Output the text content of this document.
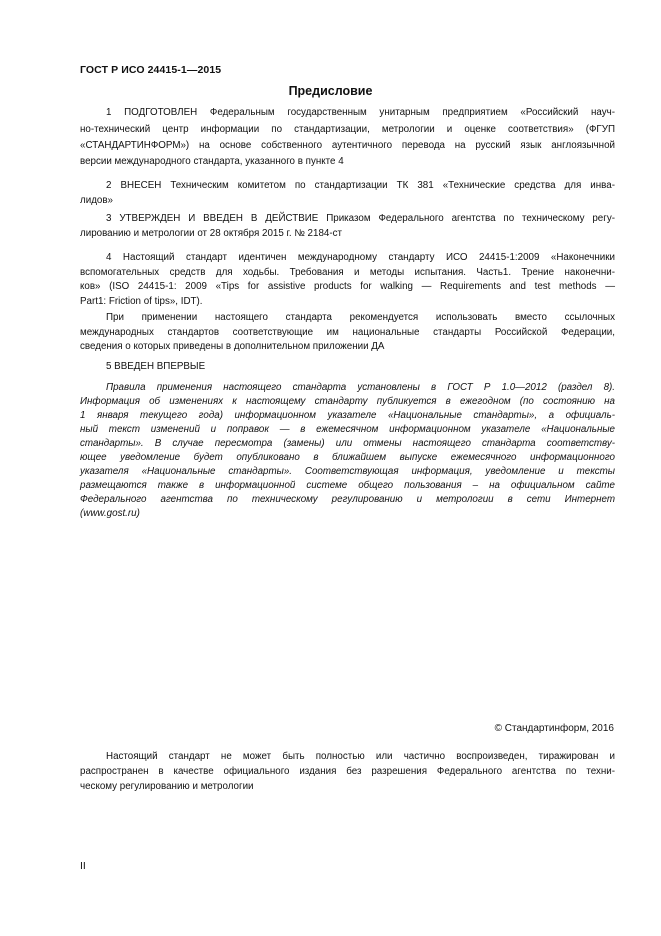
ГОСТ Р ИСО 24415-1—2015
Предисловие
1 ПОДГОТОВЛЕН Федеральным государственным унитарным предприятием «Российский науч-
но-технический центр информации по стандартизации, метрологии и оценке соответствия» (ФГУП
«СТАНДАРТИНФОРМ») на основе собственного аутентичного перевода на русский язык англоязычной
версии международного стандарта, указанного в пункте 4
2 ВНЕСЕН Техническим комитетом по стандартизации ТК 381 «Технические средства для инва-
лидов»
3 УТВЕРЖДЕН И ВВЕДЕН В ДЕЙСТВИЕ Приказом Федерального агентства по техническому регу-
лированию и метрологии от 28 октября 2015 г. № 2184-ст
4 Настоящий стандарт идентичен международному стандарту ИСО 24415-1:2009 «Наконечники
вспомогательных средств для ходьбы. Требования и методы испытания. Часть1. Трение наконечни-
ков» (ISO 24415-1: 2009 «Tips for assistive products for walking — Requirements and test methods —
Part1: Friction of tips», IDT).
При применении настоящего стандарта рекомендуется использовать вместо ссылочных
международных стандартов соответствующие им национальные стандарты Российской Федерации,
сведения о которых приведены в дополнительном приложении ДА
5 ВВЕДЕН ВПЕРВЫЕ
Правила применения настоящего стандарта установлены в ГОСТ Р 1.0—2012 (раздел 8).
Информация об изменениях к настоящему стандарту публикуется в ежегодном (по состоянию на
1 января текущего года) информационном указателе «Национальные стандарты», а официаль-
ный текст изменений и поправок — в ежемесячном информационном указателе «Национальные
стандарты». В случае пересмотра (замены) или отмены настоящего стандарта соответству-
ющее уведомление будет опубликовано в ближайшем выпуске ежемесячного информационного
указателя «Национальные стандарты». Соответствующая информация, уведомление и тексты
размещаются также в информационной системе общего пользования – на официальном сайте
Федерального агентства по техническому регулированию и метрологии в сети Интернет
(www.gost.ru)
© Стандартинформ, 2016
Настоящий стандарт не может быть полностью или частично воспроизведен, тиражирован и
распространен в качестве официального издания без разрешения Федерального агентства по техни-
ческому регулированию и метрологии
II
